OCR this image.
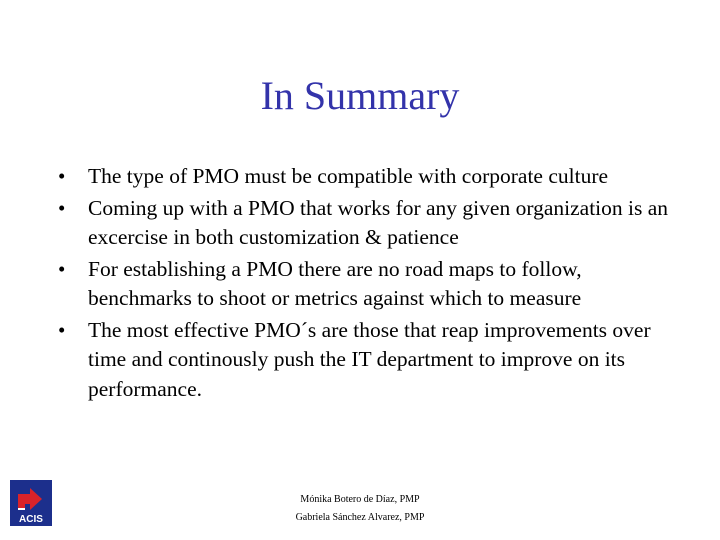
In Summary
• The type of PMO must be compatible with corporate culture
• Coming up with a PMO that works for any given organization is an excercise in both customization & patience
• For establishing a PMO there are no road maps to follow, benchmarks to shoot or metrics against which to measure
• The most effective PMO´s are those that reap improvements over time and continously push the IT department to improve on its performance.
ACIS
Mónika Botero de Díaz, PMP
Gabriela Sánchez Alvarez, PMP
